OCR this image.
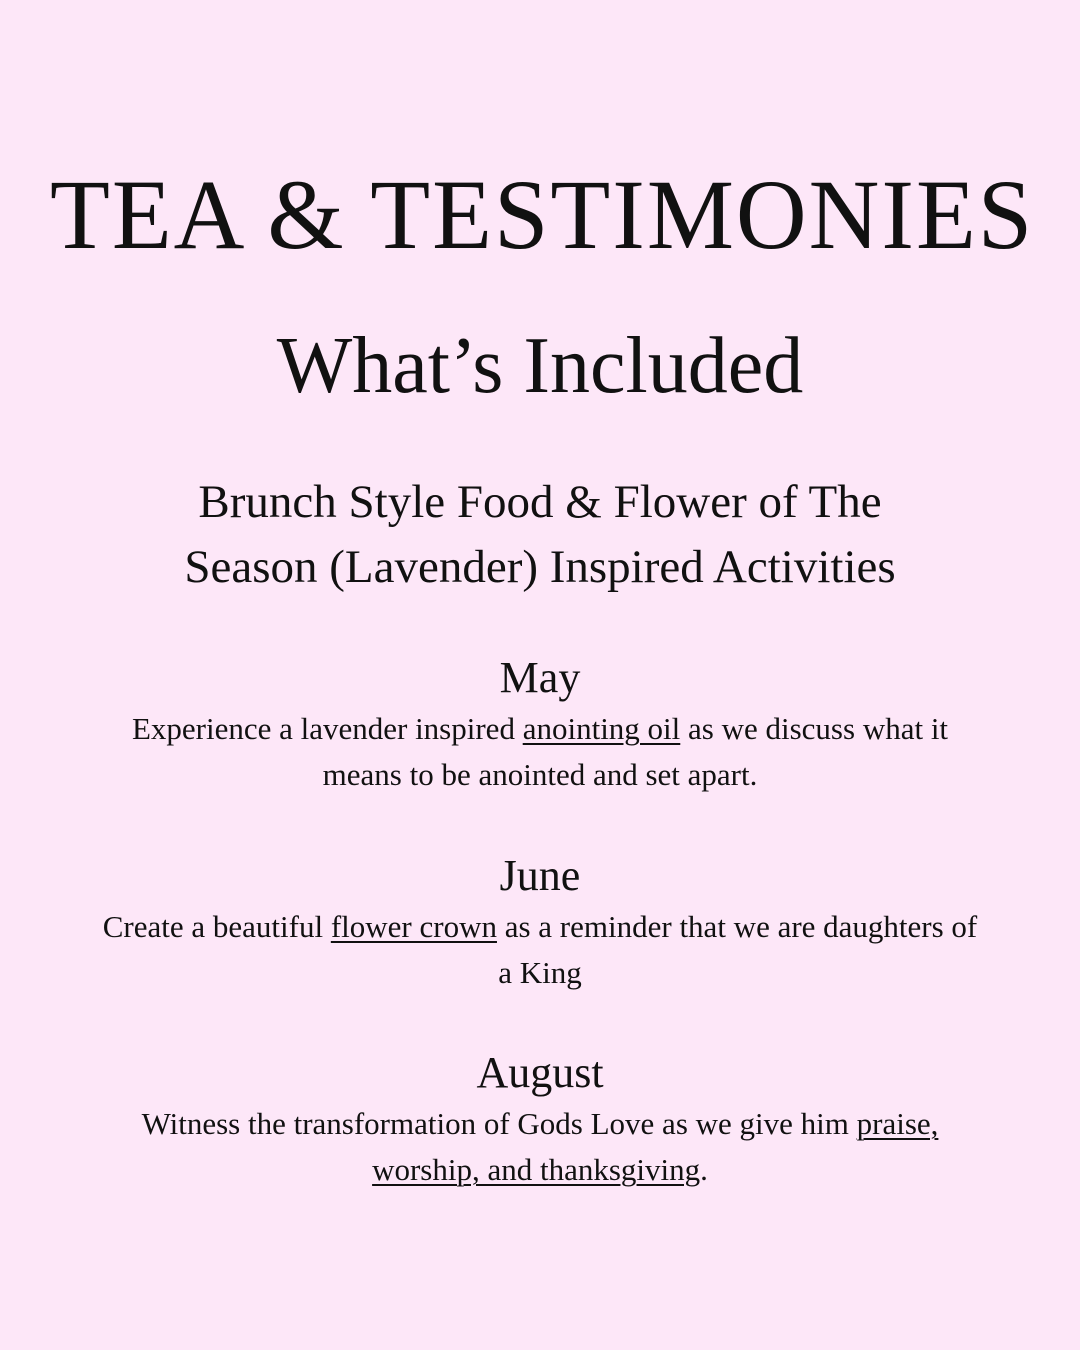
TEA & TESTIMONIES
What’s Included

Brunch Style Food & Flower of The
Season (Lavender) Inspired Activities

May

Experience a lavender inspired anointing oil as we discuss what it means to be anointed and set apart.

June

Create a beautiful flower crown as a reminder that we are daughters of a King

August

Witness the transformation of Gods Love as we give him praise, worship, and thanksgiving.
